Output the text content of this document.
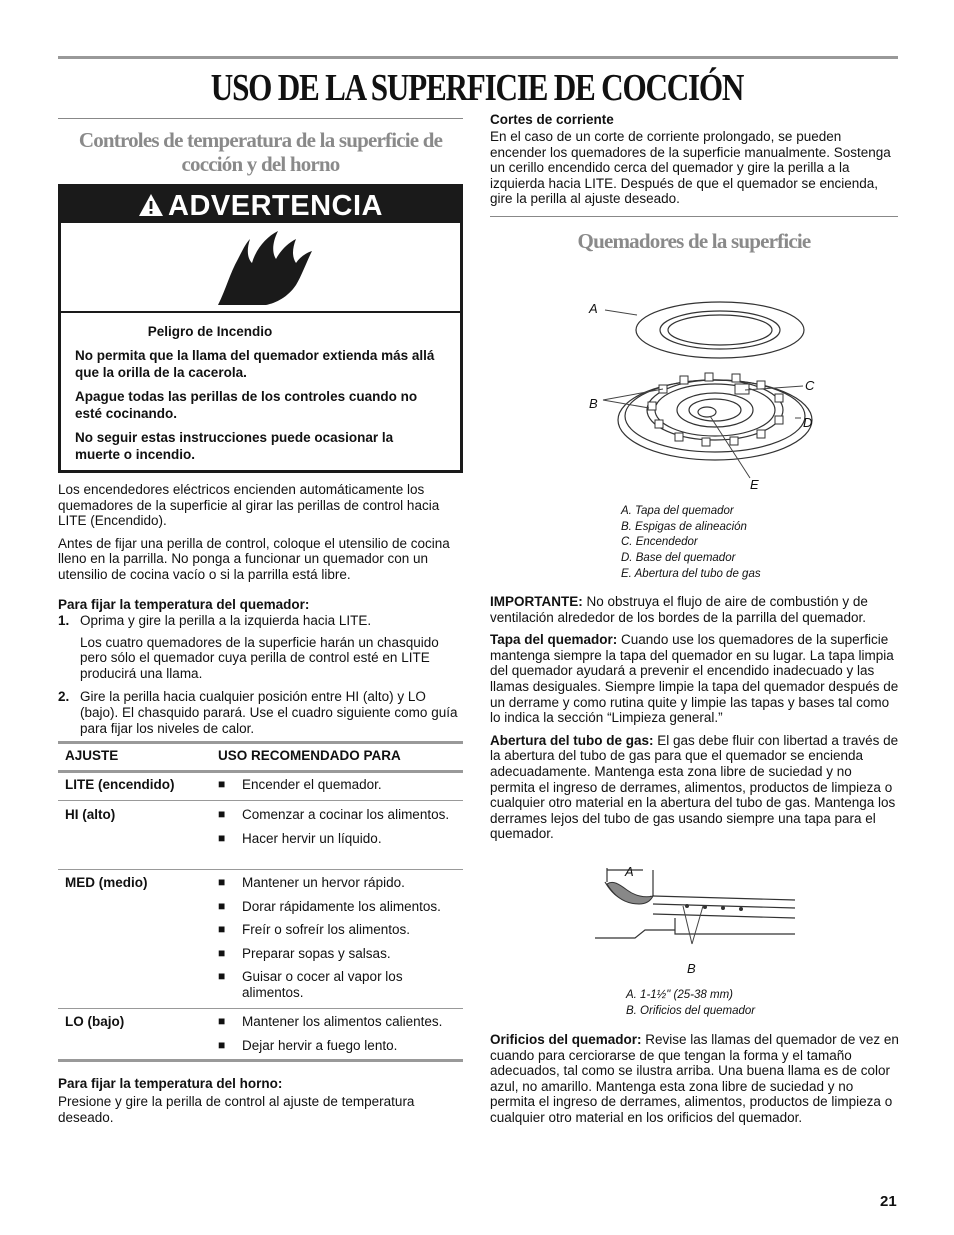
USO DE LA SUPERFICIE DE COCCIÓN
Controles de temperatura de la superficie de cocción y del horno
ADVERTENCIA

Peligro de Incendio

No permita que la llama del quemador extienda más allá que la orilla de la cacerola.

Apague todas las perillas de los controles cuando no esté cocinando.

No seguir estas instrucciones puede ocasionar la muerte o incendio.

Los encendedores eléctricos encienden automáticamente los quemadores de la superficie al girar las perillas de control hacia LITE (Encendido).

Antes de fijar una perilla de control, coloque el utensilio de cocina lleno en la parrilla. No ponga a funcionar un quemador con un utensilio de cocina vacío o si la parrilla está libre.

Para fijar la temperatura del quemador:
1. Oprima y gire la perilla a la izquierda hacia LITE.
Los cuatro quemadores de la superficie harán un chasquido pero sólo el quemador cuya perilla de control esté en LITE producirá una llama.
2. Gire la perilla hacia cualquier posición entre HI (alto) y LO (bajo). El chasquido parará. Use el cuadro siguiente como guía para fijar los niveles de calor.
AJUSTE	USO RECOMENDADO PARA
LITE (encendido)	■ Encender el quemador.
HI (alto)	■ Comenzar a cocinar los alimentos.
■ Hacer hervir un líquido.
MED (medio)	■ Mantener un hervor rápido.
■ Dorar rápidamente los alimentos.
■ Freír o sofreír los alimentos.
■ Preparar sopas y salsas.
■ Guisar o cocer al vapor los alimentos.
LO (bajo)	■ Mantener los alimentos calientes.
■ Dejar hervir a fuego lento.
Para fijar la temperatura del horno:
Presione y gire la perilla de control al ajuste de temperatura deseado.
Cortes de corriente
En el caso de un corte de corriente prolongado, se pueden encender los quemadores de la superficie manualmente. Sostenga un cerillo encendido cerca del quemador y gire la perilla a la izquierda hacia LITE. Después de que el quemador se encienda, gire la perilla al ajuste deseado.
Quemadores de la superficie
A
B
C
D
E
A. Tapa del quemador
B. Espigas de alineación
C. Encendedor
D. Base del quemador
E. Abertura del tubo de gas

IMPORTANTE: No obstruya el flujo de aire de combustión y de ventilación alrededor de los bordes de la parrilla del quemador.

Tapa del quemador: Cuando use los quemadores de la superficie mantenga siempre la tapa del quemador en su lugar. La tapa limpia del quemador ayudará a prevenir el encendido inadecuado y las llamas desiguales. Siempre limpie la tapa del quemador después de un derrame y como rutina quite y limpie las tapas y bases tal como lo indica la sección “Limpieza general.”

Abertura del tubo de gas: El gas debe fluir con libertad a través de la abertura del tubo de gas para que el quemador se encienda adecuadamente. Mantenga esta zona libre de suciedad y no permita el ingreso de derrames, alimentos, productos de limpieza o cualquier otro material en la abertura del tubo de gas. Mantenga los derrames lejos del tubo de gas usando siempre una tapa para el quemador.

A
B
A. 1-1½" (25-38 mm)
B. Orificios del quemador
Orificios del quemador: Revise las llamas del quemador de vez en cuando para cerciorarse de que tengan la forma y el tamaño adecuados, tal como se ilustra arriba. Una buena llama es de color azul, no amarillo. Mantenga esta zona libre de suciedad y no permita el ingreso de derrames, alimentos, productos de limpieza o cualquier otro material en los orificios del quemador.
21
